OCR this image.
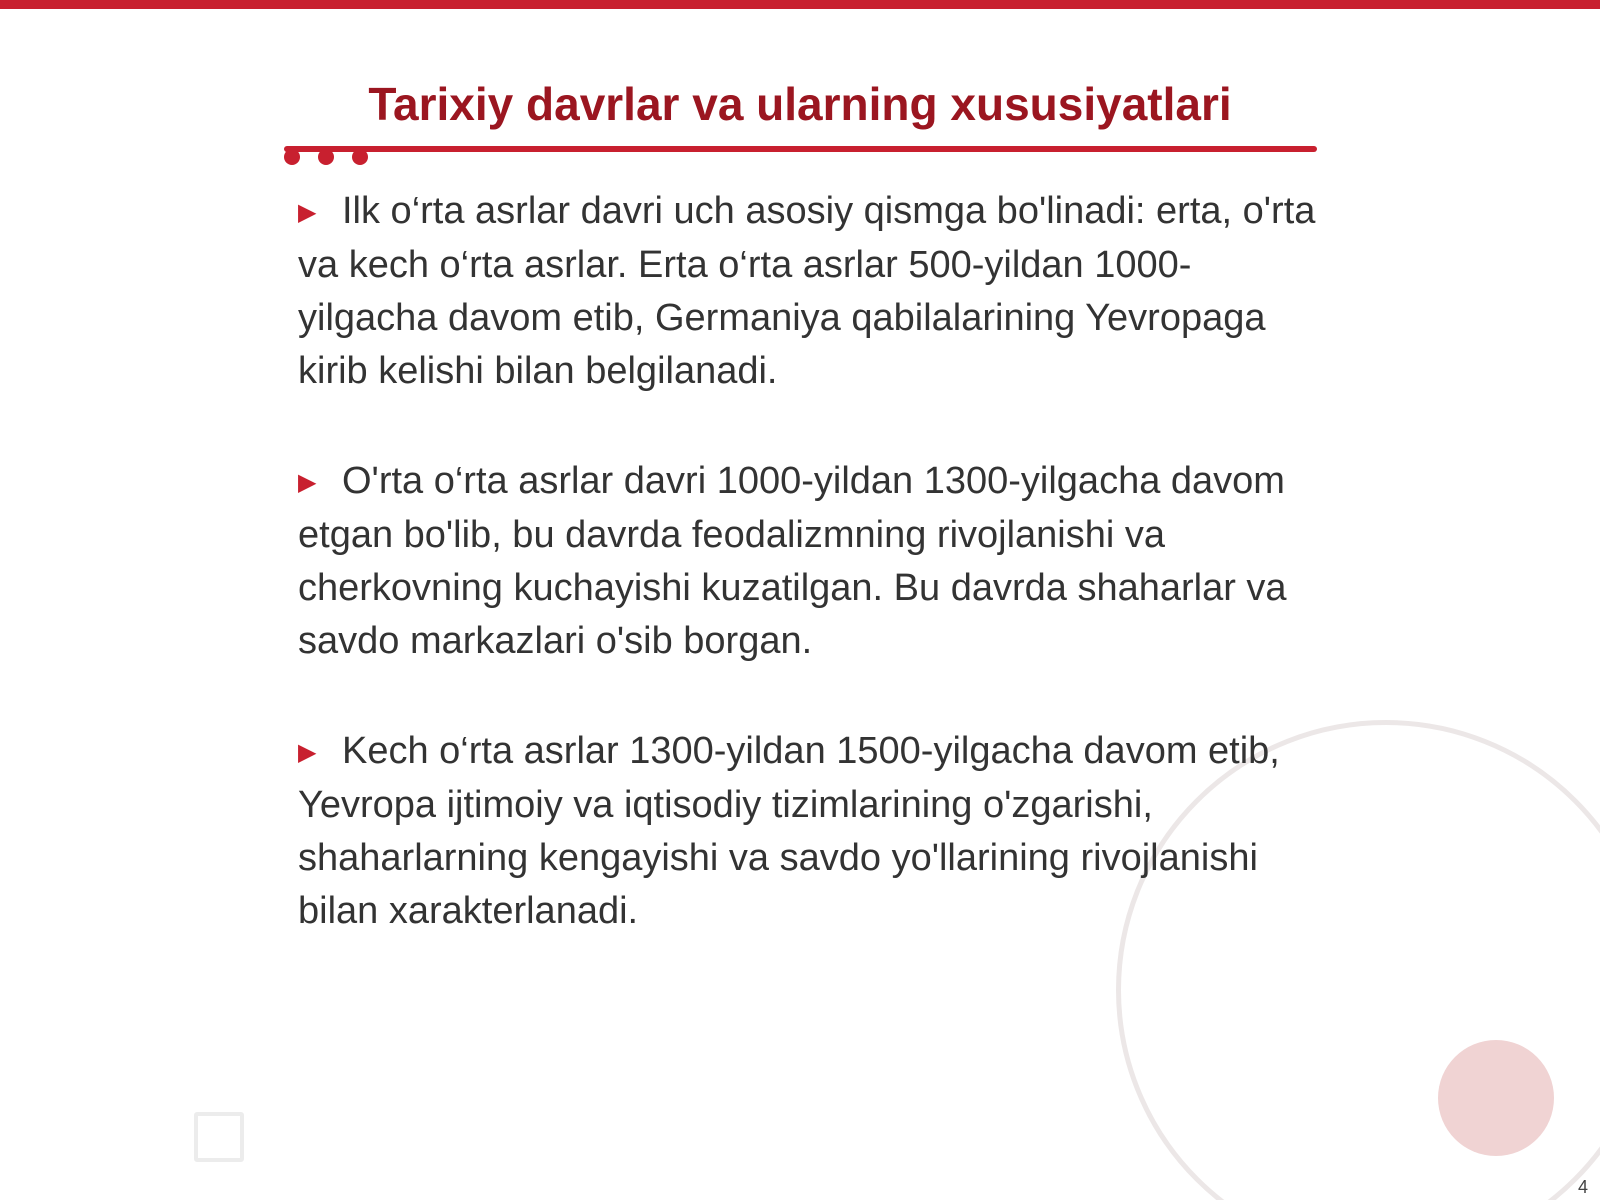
Tarixiy davrlar va ularning xususiyatlari

▶ Ilk o‘rta asrlar davri uch asosiy qismga bo'linadi: erta, o'rta va kech o‘rta asrlar. Erta o‘rta asrlar 500-yildan 1000-yilgacha davom etib, Germaniya qabilalarining Yevropaga kirib kelishi bilan belgilanadi.

▶ O'rta o‘rta asrlar davri 1000-yildan 1300-yilgacha davom etgan bo'lib, bu davrda feodalizmning rivojlanishi va cherkovning kuchayishi kuzatilgan. Bu davrda shaharlar va savdo markazlari o'sib borgan.

▶ Kech o‘rta asrlar 1300-yildan 1500-yilgacha davom etib, Yevropa ijtimoiy va iqtisodiy tizimlarining o'zgarishi, shaharlarning kengayishi va savdo yo'llarining rivojlanishi bilan xarakterlanadi.

4
